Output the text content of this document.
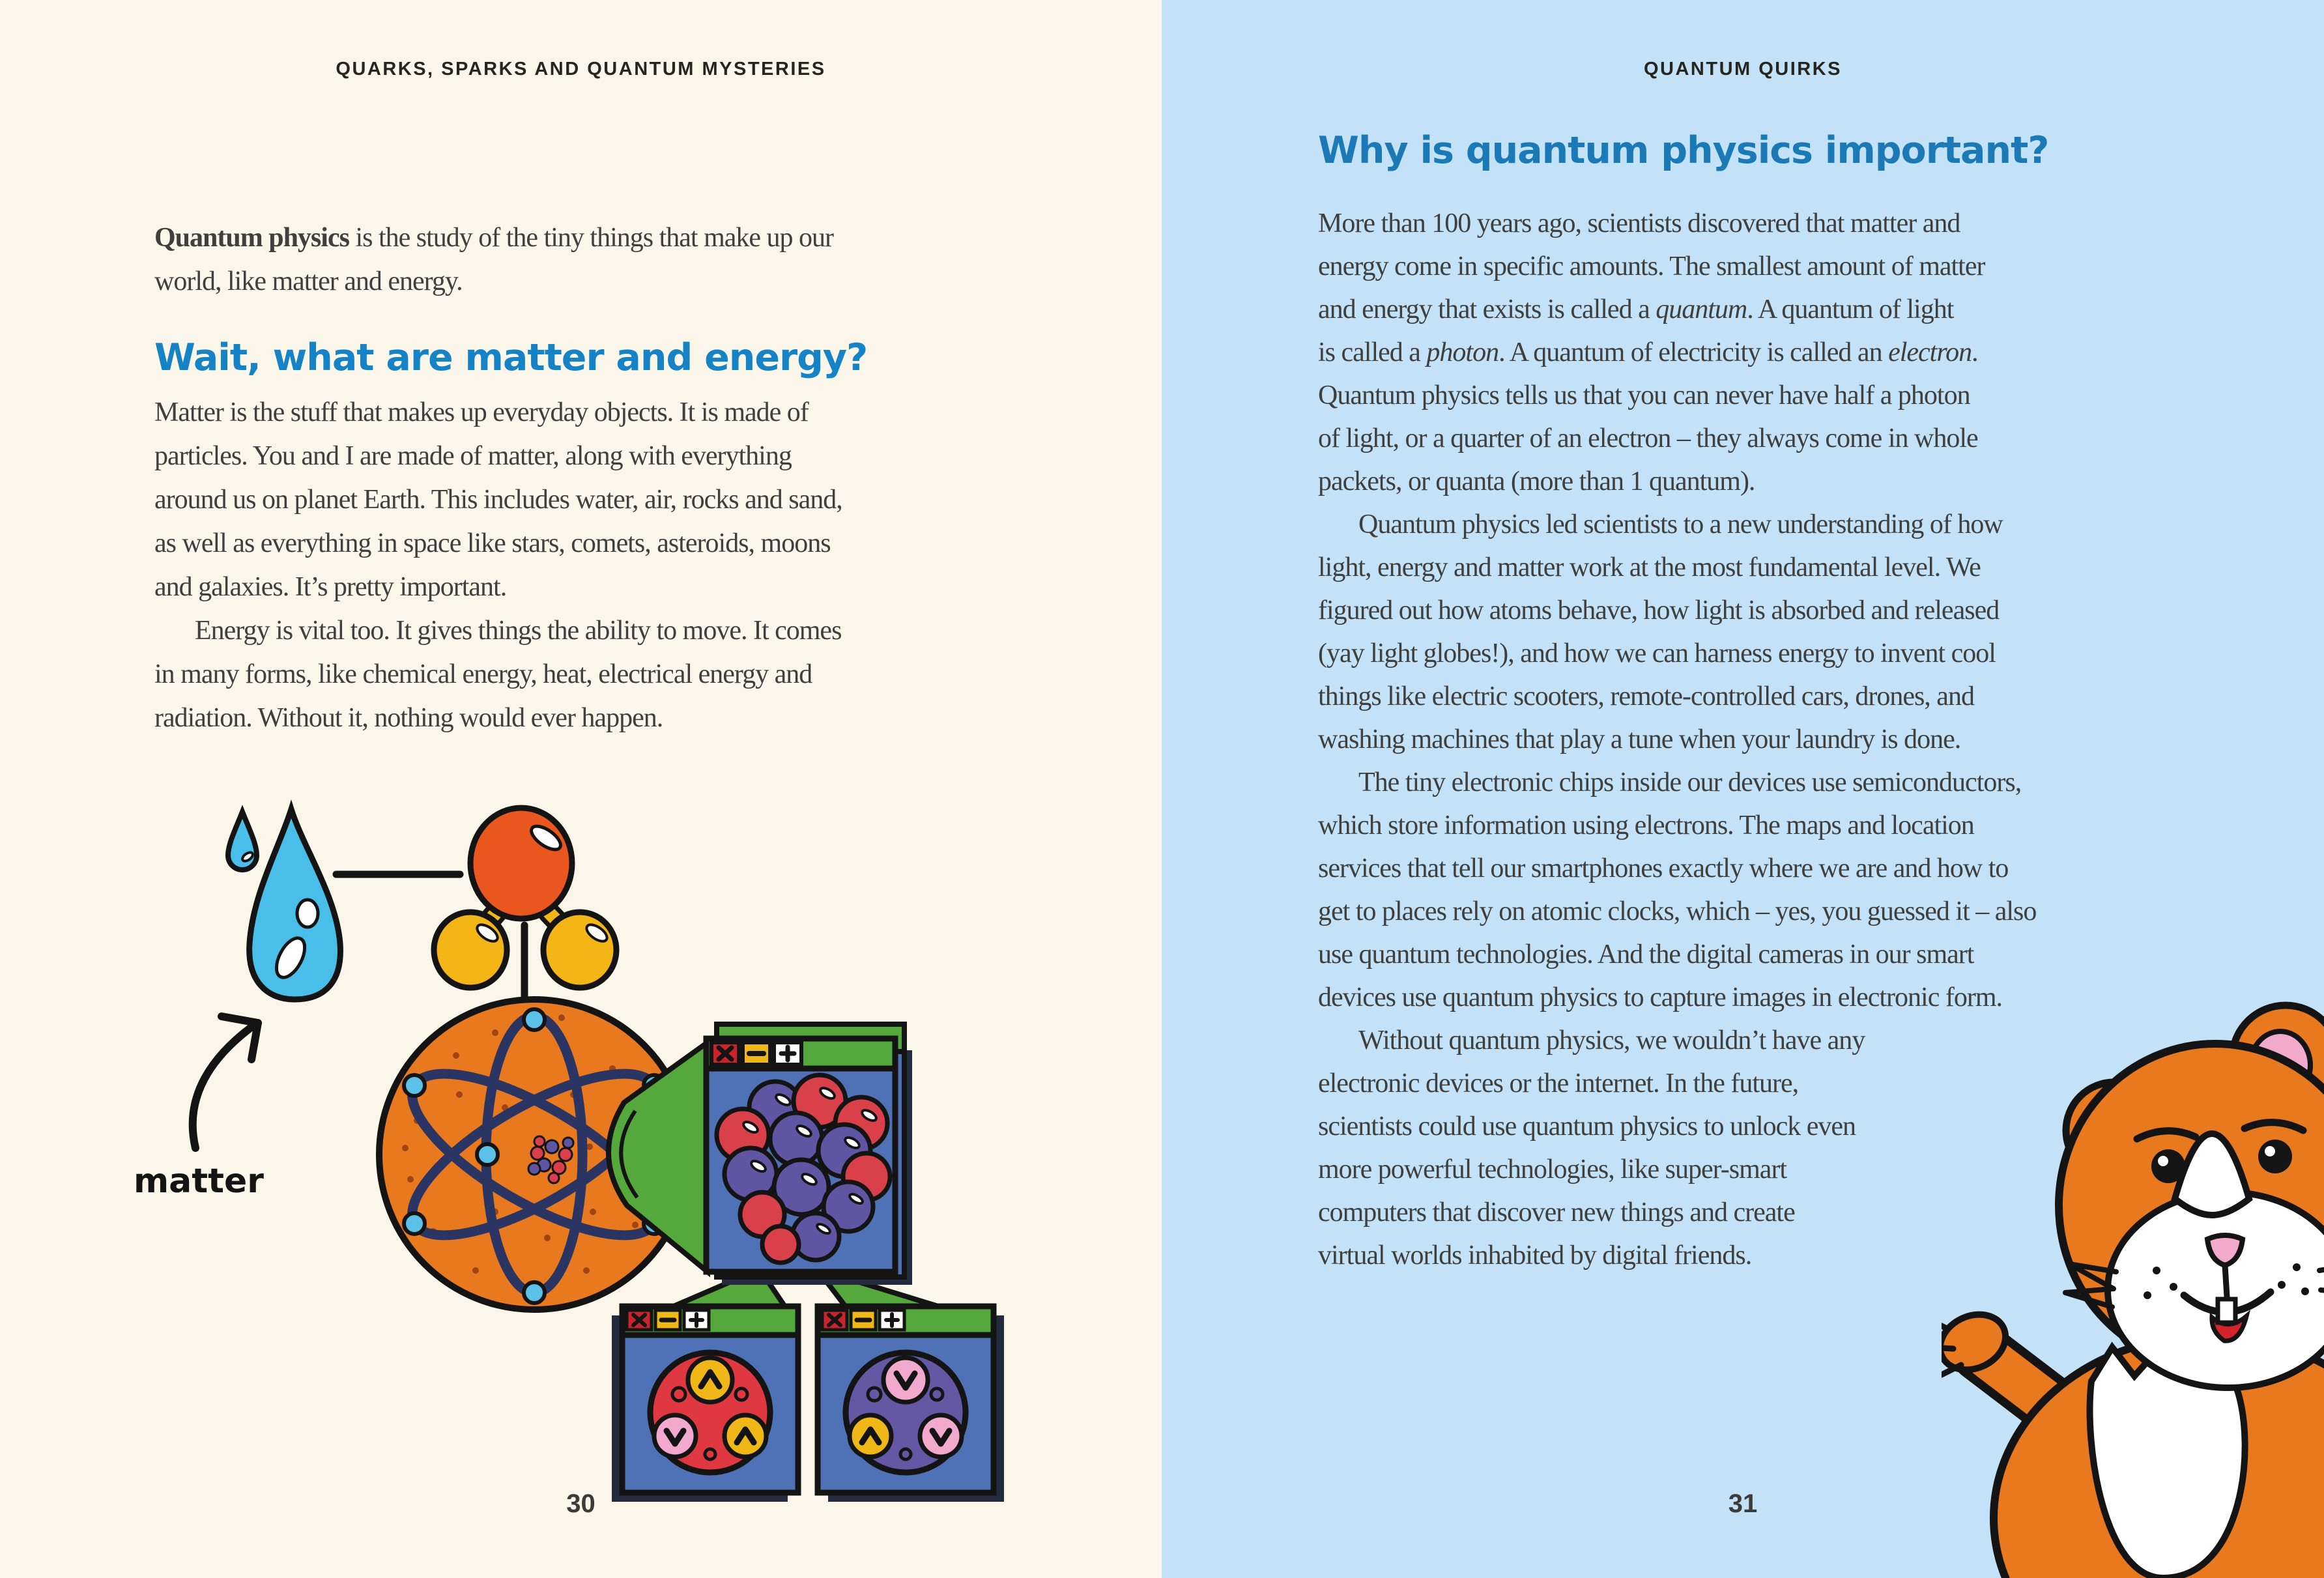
QUARKS, SPARKS AND QUANTUM MYSTERIES
Quantum physics is the study of the tiny things that make up our
world, like matter and energy.
Wait, what are matter and energy?
Matter is the stuff that makes up everyday objects. It is made of
particles. You and I are made of matter, along with everything
around us on planet Earth. This includes water, air, rocks and sand,
as well as everything in space like stars, comets, asteroids, moons
and galaxies. It’s pretty important.
Energy is vital too. It gives things the ability to move. It comes
in many forms, like chemical energy, heat, electrical energy and
radiation. Without it, nothing would ever happen.
matter
30
QUANTUM QUIRKS
Why is quantum physics important?
More than 100 years ago, scientists discovered that matter and
energy come in specific amounts. The smallest amount of matter
and energy that exists is called a quantum. A quantum of light
is called a photon. A quantum of electricity is called an electron.
Quantum physics tells us that you can never have half a photon
of light, or a quarter of an electron – they always come in whole
packets, or quanta (more than 1 quantum).
Quantum physics led scientists to a new understanding of how
light, energy and matter work at the most fundamental level. We
figured out how atoms behave, how light is absorbed and released
(yay light globes!), and how we can harness energy to invent cool
things like electric scooters, remote-controlled cars, drones, and
washing machines that play a tune when your laundry is done.
The tiny electronic chips inside our devices use semiconductors,
which store information using electrons. The maps and location
services that tell our smartphones exactly where we are and how to
get to places rely on atomic clocks, which – yes, you guessed it – also
use quantum technologies. And the digital cameras in our smart
devices use quantum physics to capture images in electronic form.
Without quantum physics, we wouldn’t have any
electronic devices or the internet. In the future,
scientists could use quantum physics to unlock even
more powerful technologies, like super-smart
computers that discover new things and create
virtual worlds inhabited by digital friends.
31
